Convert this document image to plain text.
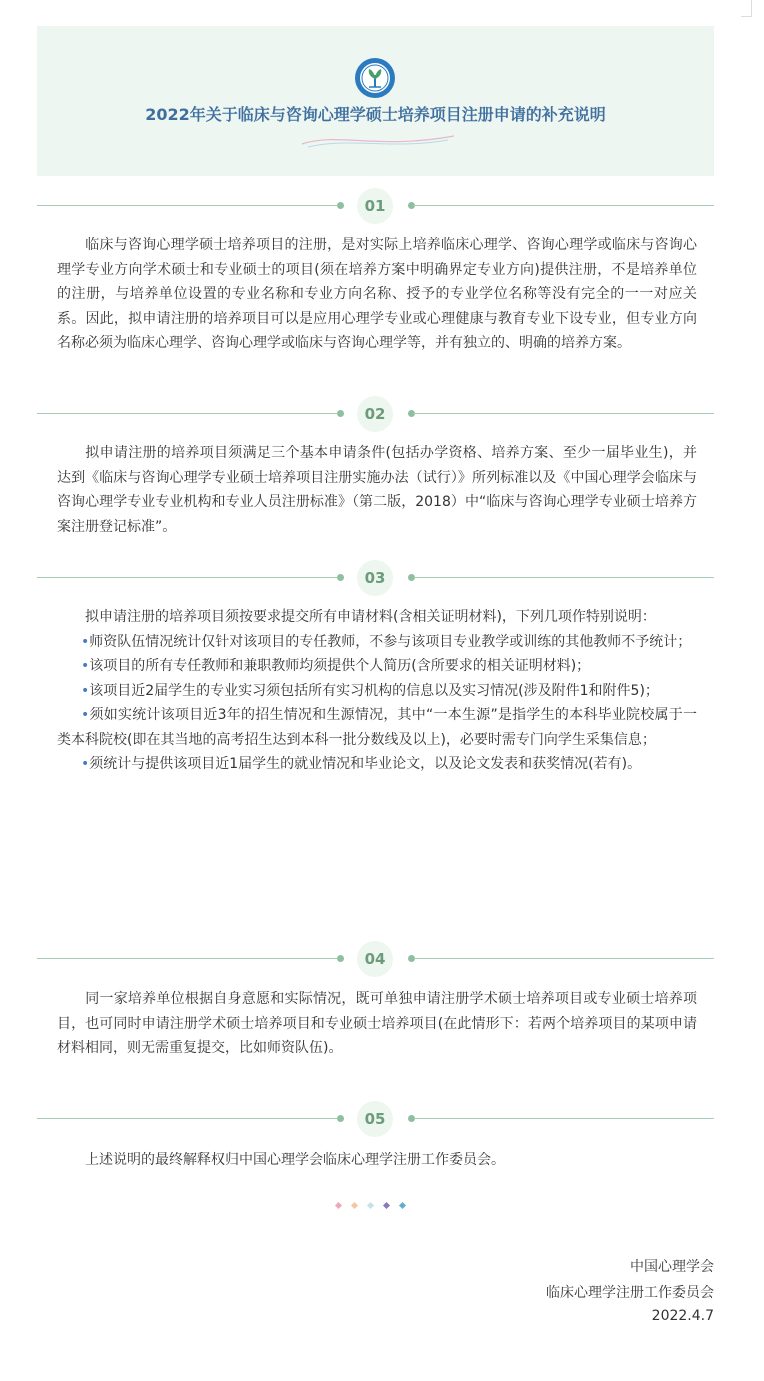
2022年关于临床与咨询心理学硕士培养项目注册申请的补充说明
01

临床与咨询心理学硕士培养项目的注册，是对实际上培养临床心理学、咨询心理学或临床与咨询心理学专业方向学术硕士和专业硕士的项目(须在培养方案中明确界定专业方向)提供注册，不是培养单位的注册，与培养单位设置的专业名称和专业方向名称、授予的专业学位名称等没有完全的一一对应关系。因此，拟申请注册的培养项目可以是应用心理学专业或心理健康与教育专业下设专业，但专业方向名称必须为临床心理学、咨询心理学或临床与咨询心理学等，并有独立的、明确的培养方案。

02

拟申请注册的培养项目须满足三个基本申请条件(包括办学资格、培养方案、至少一届毕业生)，并达到《临床与咨询心理学专业硕士培养项目注册实施办法（试行）》所列标准以及《中国心理学会临床与咨询心理学专业专业机构和专业人员注册标准》（第二版，2018）中“临床与咨询心理学专业硕士培养方案注册登记标准”。

03
拟申请注册的培养项目须按要求提交所有申请材料(含相关证明材料)，下列几项作特别说明：
•师资队伍情况统计仅针对该项目的专任教师，不参与该项目专业教学或训练的其他教师不予统计；
•该项目的所有专任教师和兼职教师均须提供个人简历(含所要求的相关证明材料)；
•该项目近2届学生的专业实习须包括所有实习机构的信息以及实习情况(涉及附件1和附件5)；
•须如实统计该项目近3年的招生情况和生源情况，其中“一本生源”是指学生的本科毕业院校属于一类本科院校(即在其当地的高考招生达到本科一批分数线及以上)，必要时需专门向学生采集信息；
•须统计与提供该项目近1届学生的就业情况和毕业论文，以及论文发表和获奖情况(若有)。
04

同一家培养单位根据自身意愿和实际情况，既可单独申请注册学术硕士培养项目或专业硕士培养项目，也可同时申请注册学术硕士培养项目和专业硕士培养项目(在此情形下：若两个培养项目的某项申请材料相同，则无需重复提交，比如师资队伍)。

05

上述说明的最终解释权归中国心理学会临床心理学注册工作委员会。

中国心理学会
临床心理学注册工作委员会
2022.4.7
